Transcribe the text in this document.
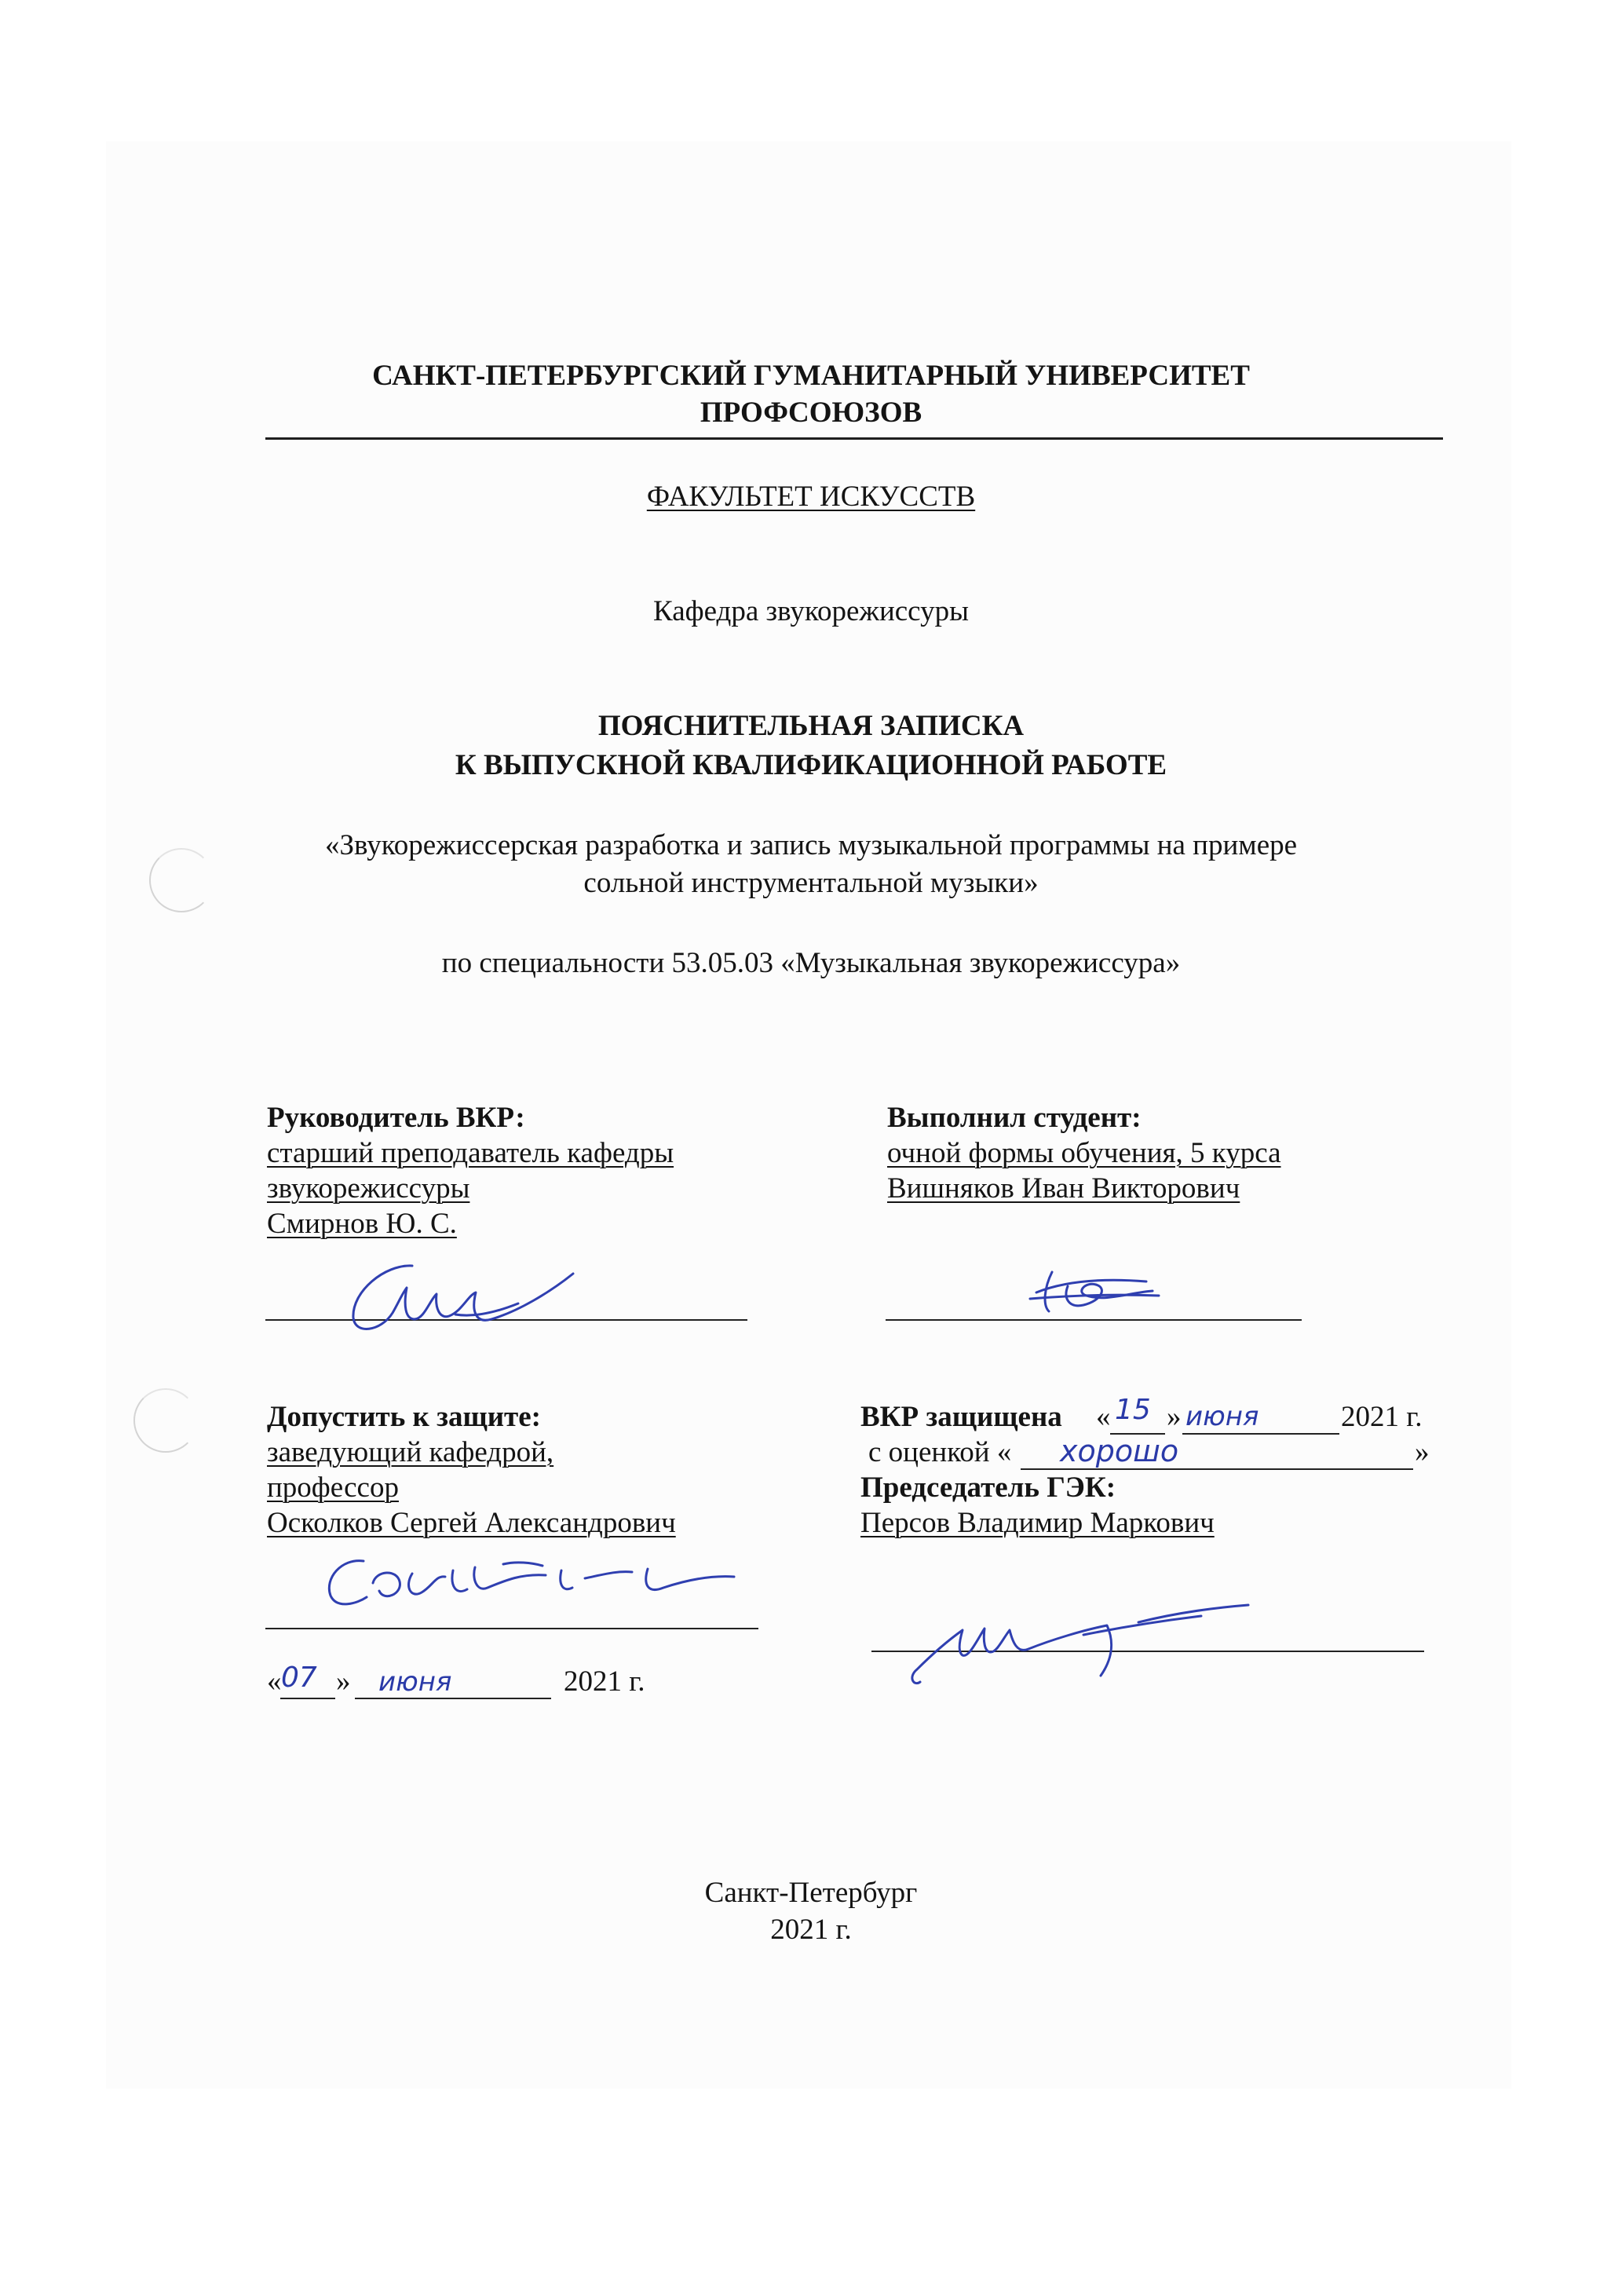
САНКТ-ПЕТЕРБУРГСКИЙ ГУМАНИТАРНЫЙ УНИВЕРСИТЕТ
ПРОФСОЮЗОВ
ФАКУЛЬТЕТ ИСКУССТВ
Кафедра звукорежиссуры
ПОЯСНИТЕЛЬНАЯ ЗАПИСКА
К ВЫПУСКНОЙ КВАЛИФИКАЦИОННОЙ РАБОТЕ
«Звукорежиссерская разработка и запись музыкальной программы на примере
сольной инструментальной музыки»
по специальности 53.05.03 «Музыкальная звукорежиссура»
Руководитель ВКР:
старший преподаватель кафедры
звукорежиссуры
Смирнов Ю. С.
Выполнил студент:
очной формы обучения, 5 курса
Вишняков Иван Викторович
Допустить к защите:
заведующий кафедрой,
профессор
Осколков Сергей Александрович
« 07 » июня	2021 г.
ВКР защищена « 15 » июня	2021 г.
с оценкой « хорошо	»
Председатель ГЭК:
Персов Владимир Маркович
Санкт-Петербург
2021 г.
